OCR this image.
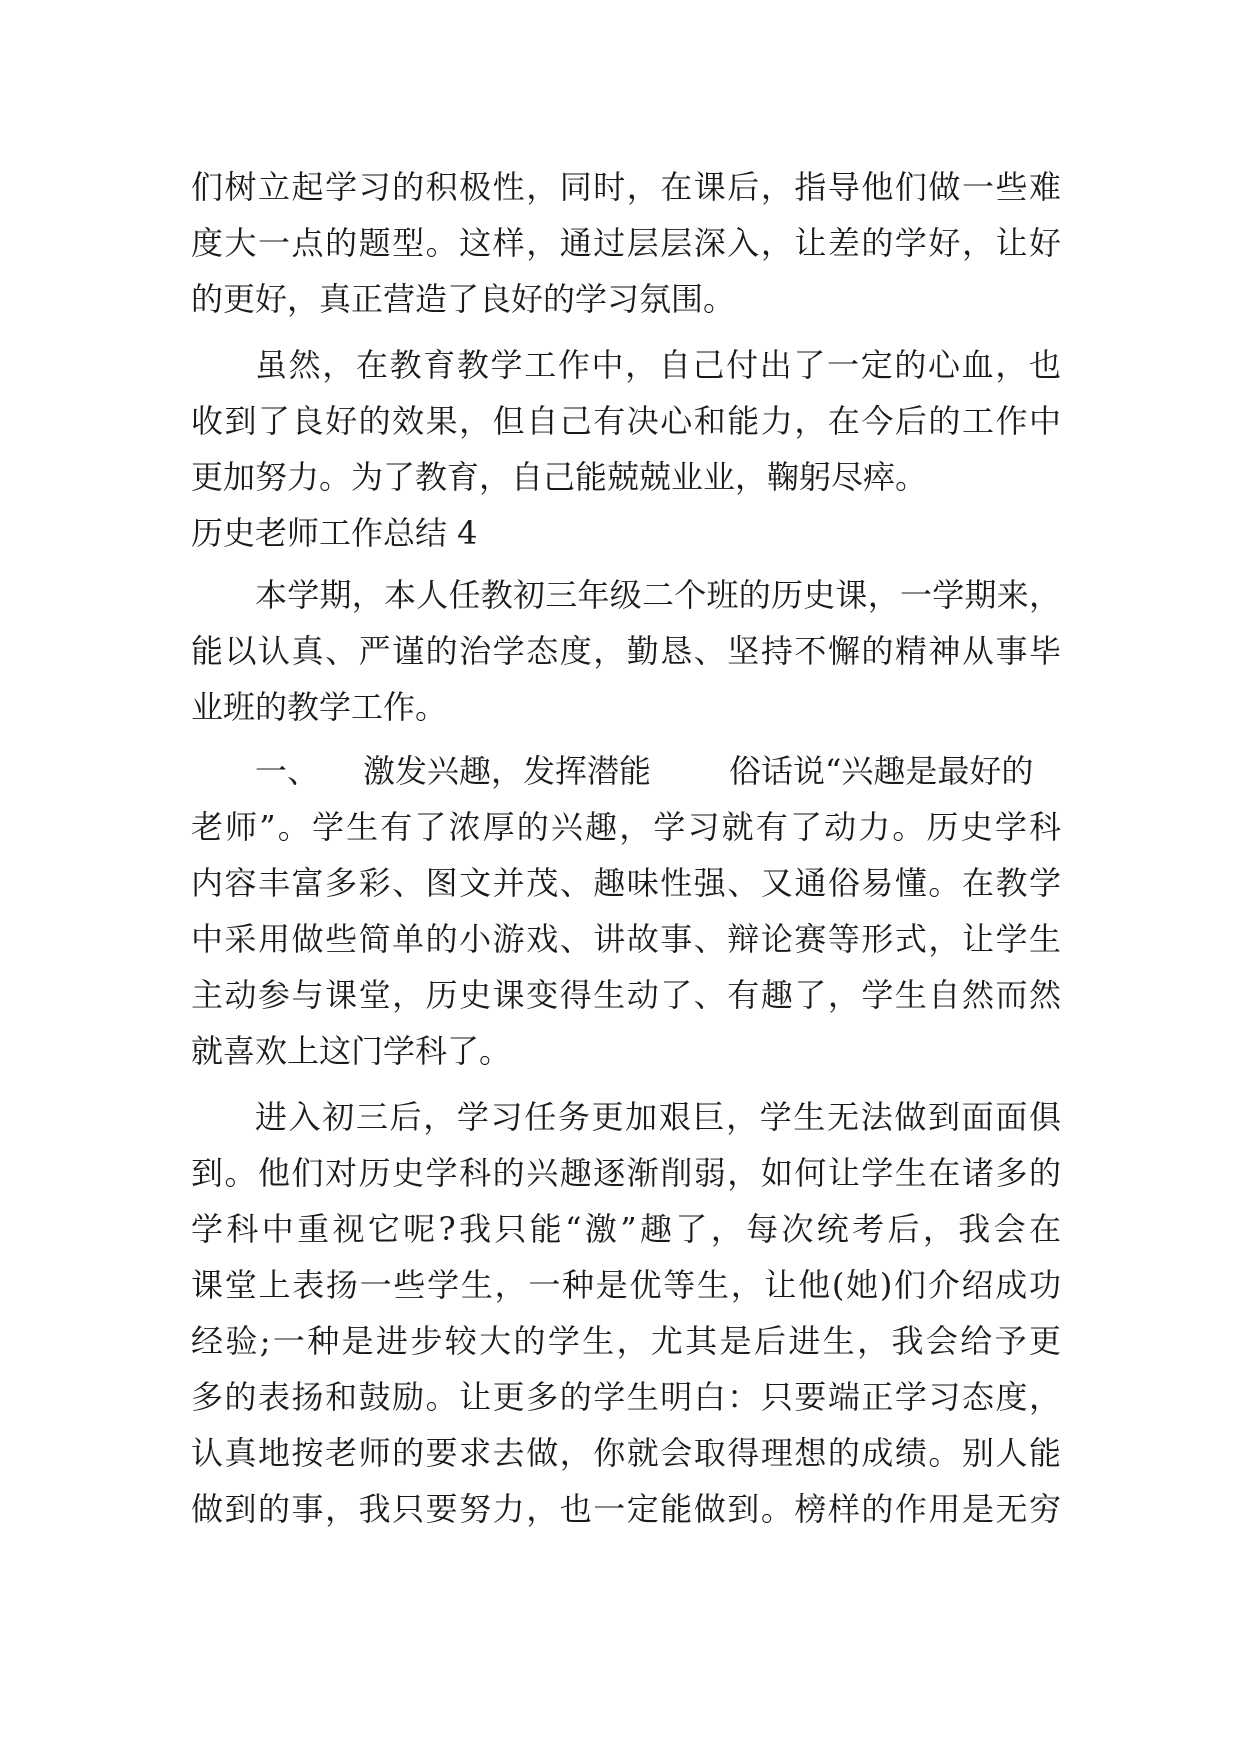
们树立起学习的积极性，同时，在课后，指导他们做一些难
度大一点的题型。这样，通过层层深入，让差的学好，让好
的更好，真正营造了良好的学习氛围。
虽然，在教育教学工作中，自己付出了一定的心血，也
收到了良好的效果，但自己有决心和能力，在今后的工作中
更加努力。为了教育，自己能兢兢业业，鞠躬尽瘁。
历史老师工作总结 4
本学期，本人任教初三年级二个班的历史课，一学期来，
能以认真、严谨的治学态度，勤恳、坚持不懈的精神从事毕
业班的教学工作。
一、 激发兴趣，发挥潜能 俗话说“兴趣是最好的
老师”。学生有了浓厚的兴趣，学习就有了动力。历史学科
内容丰富多彩、图文并茂、趣味性强、又通俗易懂。在教学
中采用做些简单的小游戏、讲故事、辩论赛等形式，让学生
主动参与课堂，历史课变得生动了、有趣了，学生自然而然
就喜欢上这门学科了。
进入初三后，学习任务更加艰巨，学生无法做到面面俱
到。他们对历史学科的兴趣逐渐削弱，如何让学生在诸多的
学科中重视它呢?我只能“激”趣了，每次统考后，我会在
课堂上表扬一些学生，一种是优等生，让他(她)们介绍成功
经验;一种是进步较大的学生，尤其是后进生，我会给予更
多的表扬和鼓励。让更多的学生明白：只要端正学习态度，
认真地按老师的要求去做，你就会取得理想的成绩。别人能
做到的事，我只要努力，也一定能做到。榜样的作用是无穷
